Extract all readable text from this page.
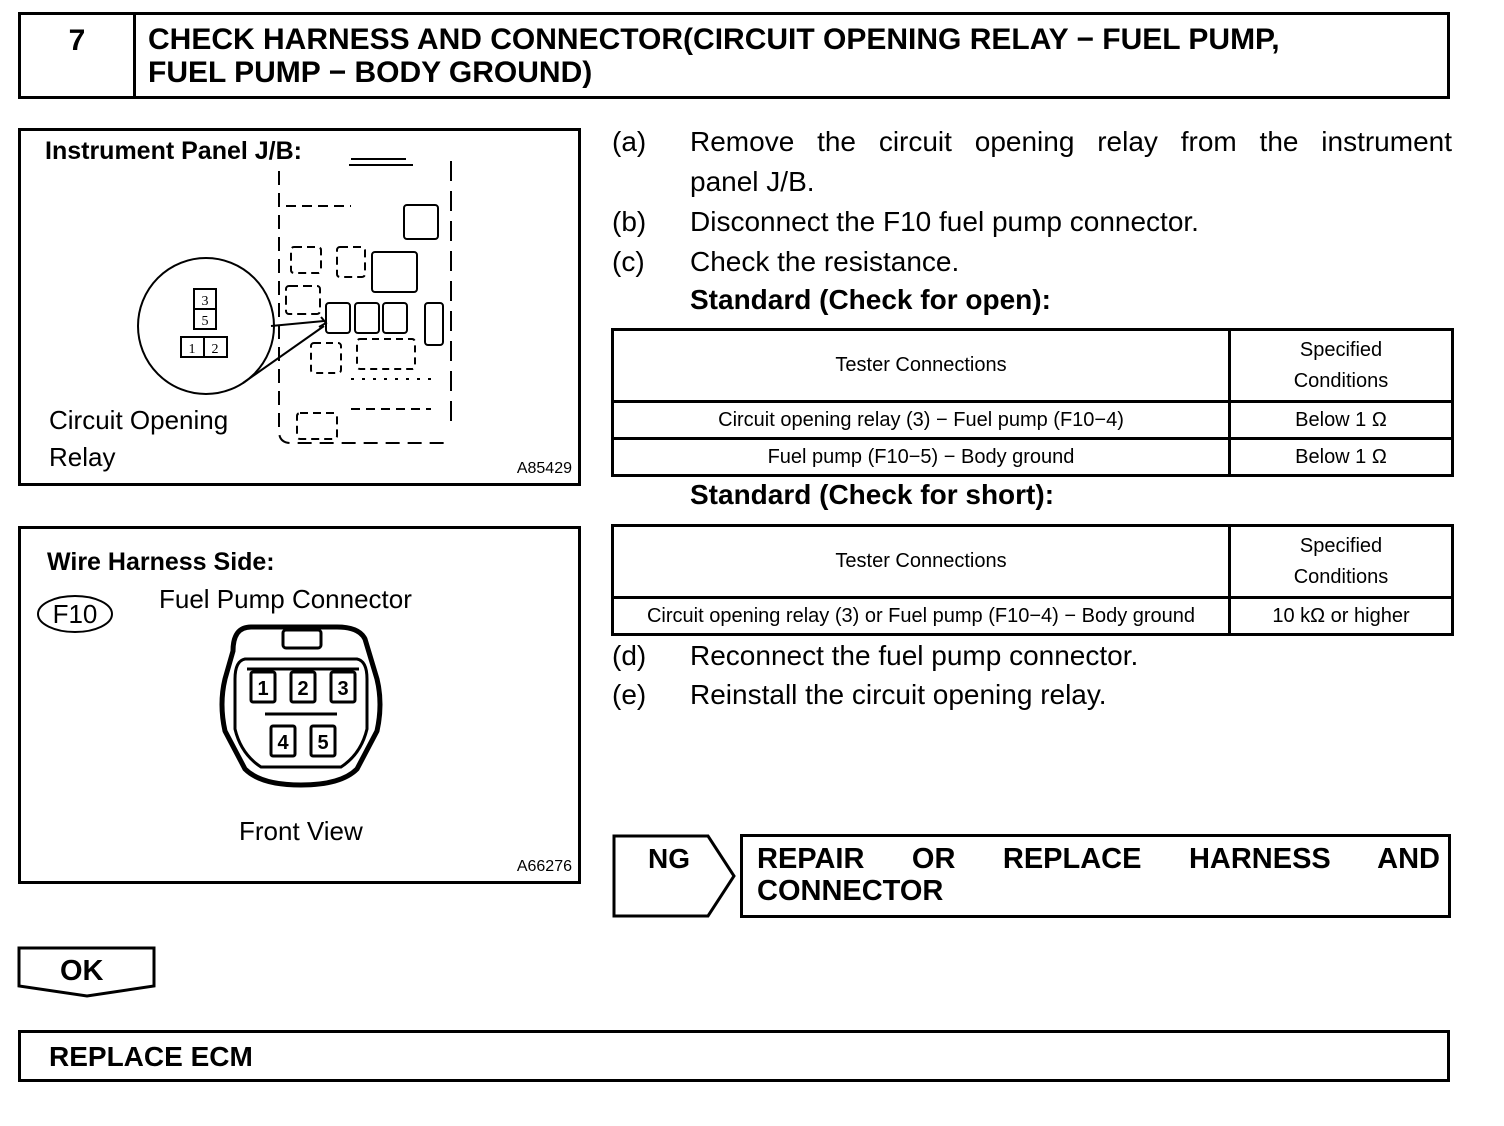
7	CHECK HARNESS AND CONNECTOR(CIRCUIT OPENING RELAY − FUEL PUMP,
FUEL PUMP − BODY GROUND)
Instrument Panel J/B:
3
5
1 2
Circuit Opening
Relay	A85429
Wire Harness Side:
F10
1 2 3
4 5
Fuel Pump Connector
Front View
A66276
(a) Remove the circuit opening relay from the instrument
panel J/B.
(b) Disconnect the F10 fuel pump connector.
(c) Check the resistance.
Standard (Check for open):
Tester Connections	Specified
Conditions

Circuit opening relay (3) − Fuel pump (F10−4)	Below 1 Ω
Fuel pump (F10−5) − Body ground	Below 1 Ω
Standard (Check for short):
Tester Connections	Specified
Conditions

Circuit opening relay (3) or Fuel pump (F10−4) − Body ground	10 kΩ or higher
(d) Reconnect the fuel pump connector.
(e) Reinstall the circuit opening relay.
NG REPAIR OR REPLACE HARNESS AND
CONNECTOR
OK
REPLACE ECM
